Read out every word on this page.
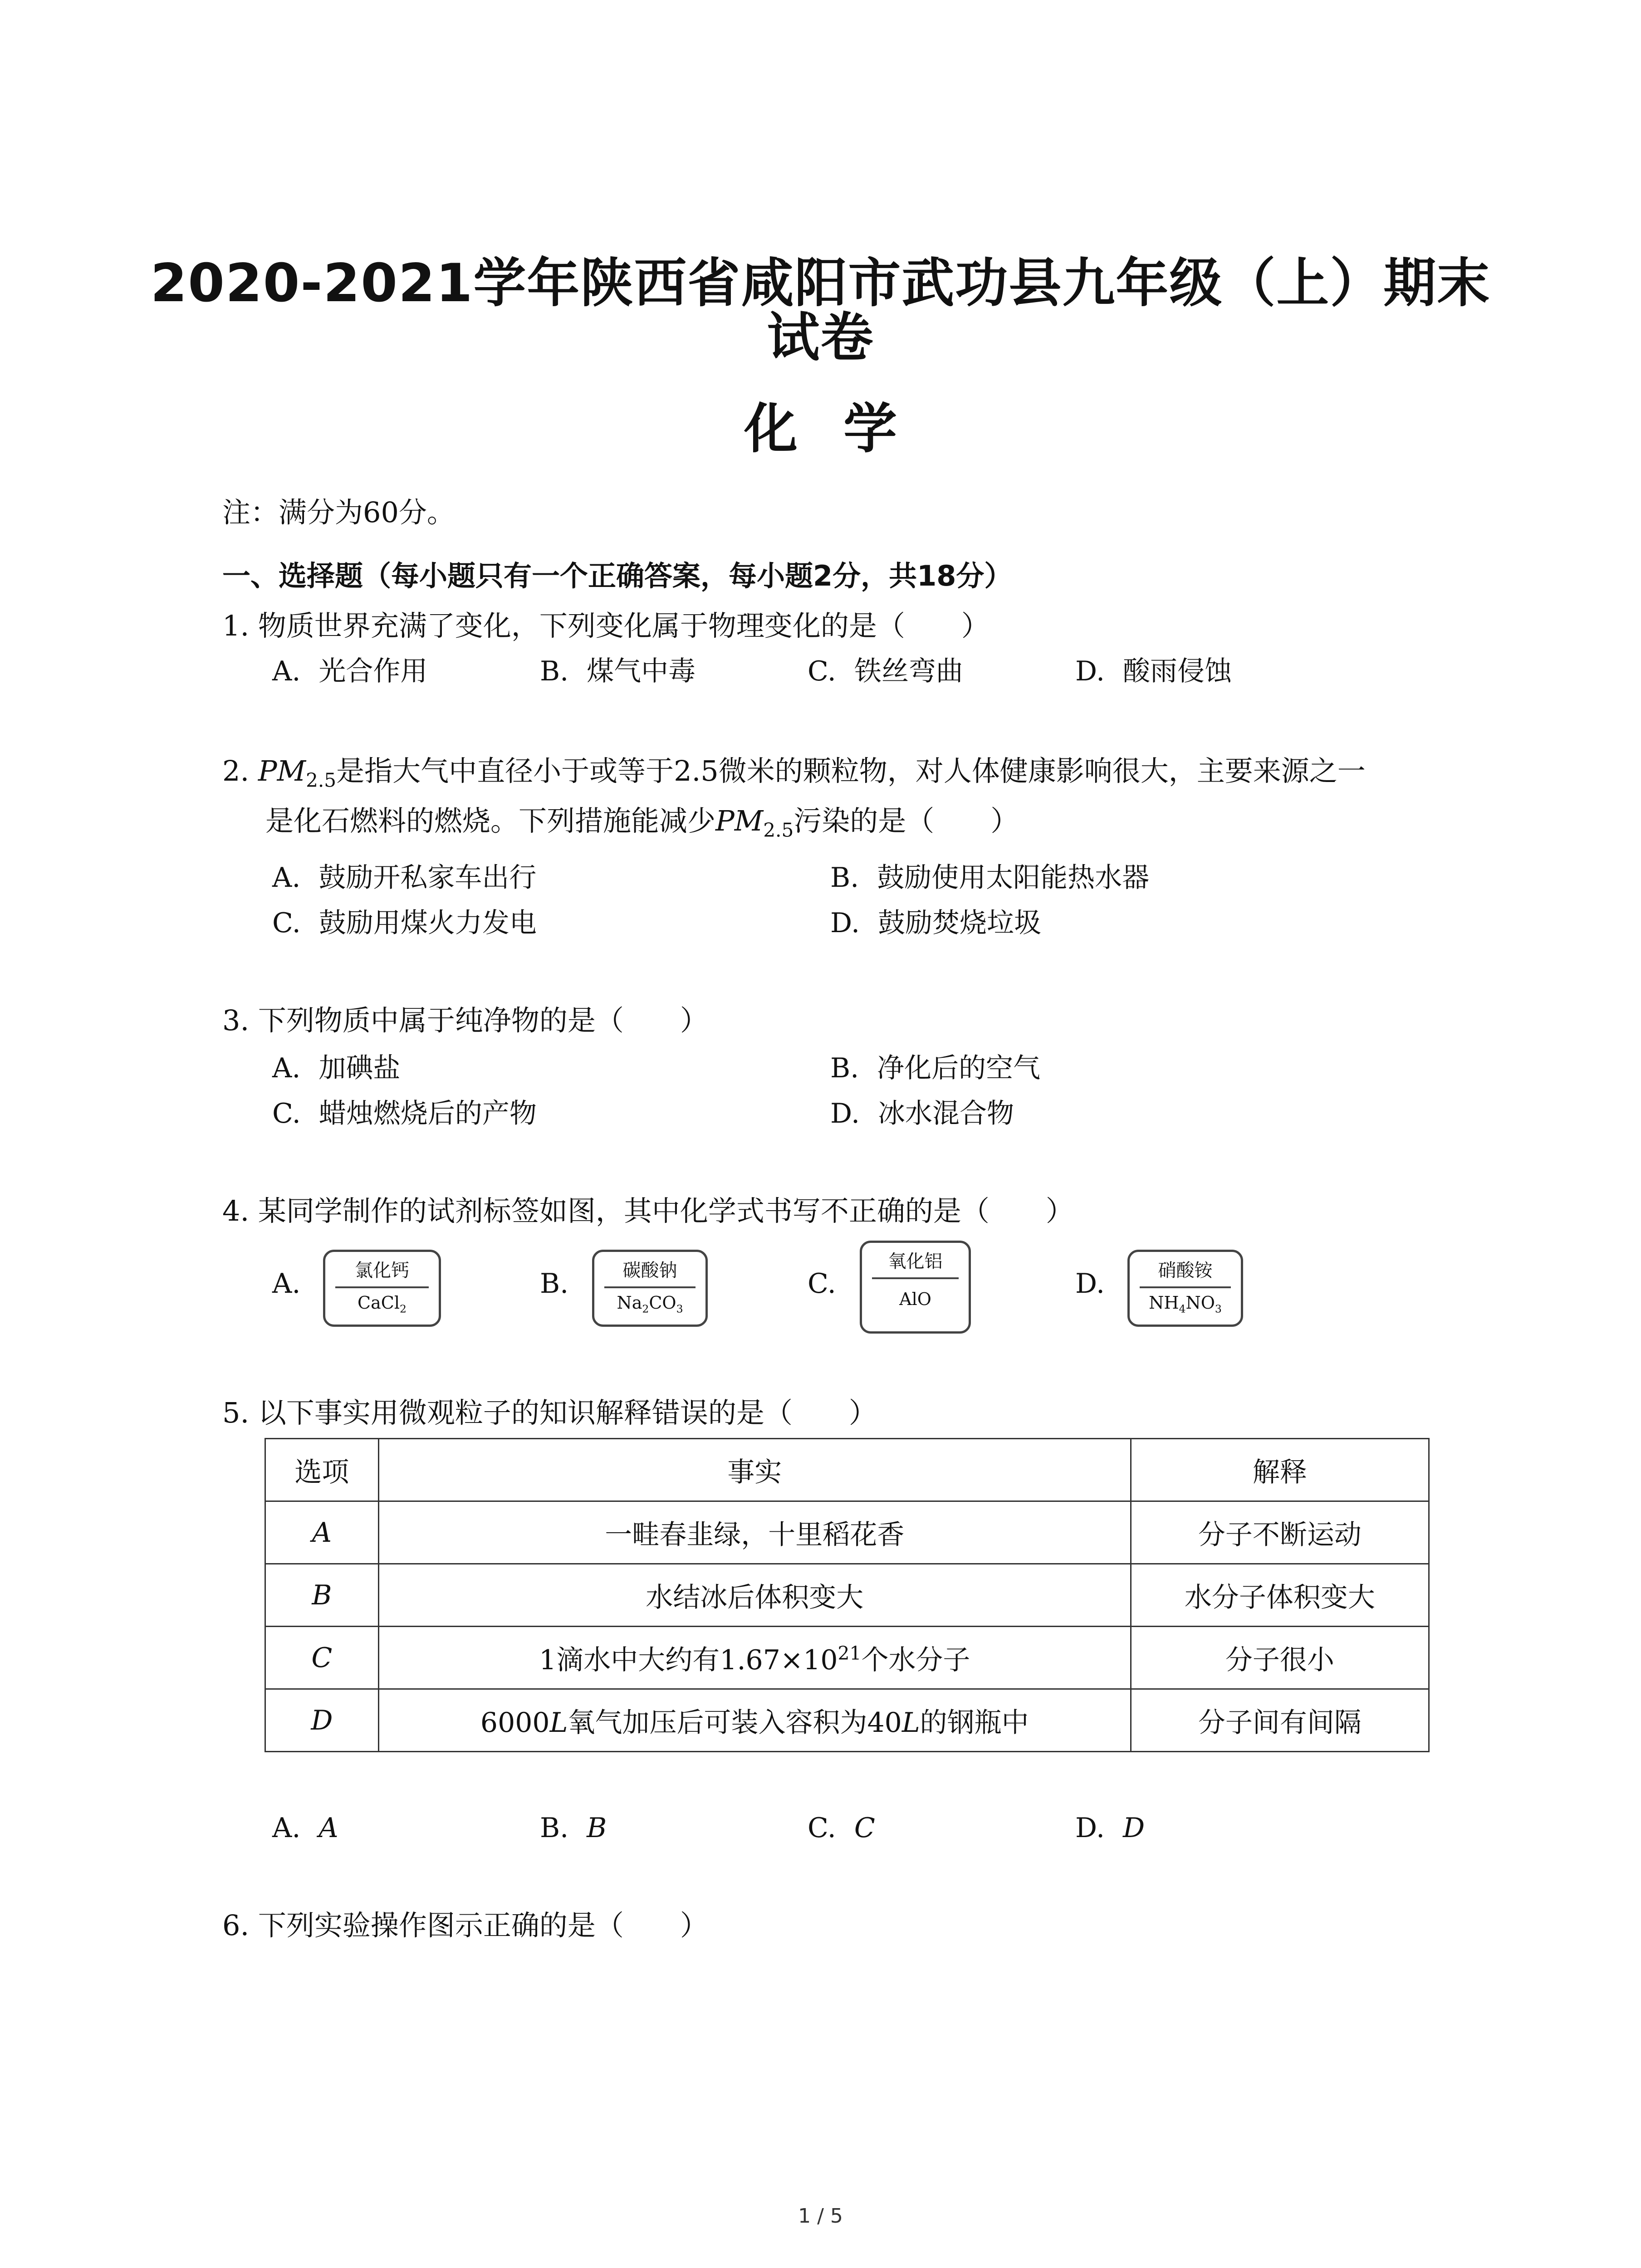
2020-2021学年陕西省咸阳市武功县九年级（上）期末
试卷
化 学
注：满分为60分。
一、选择题（每小题只有一个正确答案，每小题2分，共18分）
1. 物质世界充满了变化，下列变化属于物理变化的是（　　）
A. 光合作用	B. 煤气中毒	C. 铁丝弯曲	D. 酸雨侵蚀
2. $PM_{2.5}$是指大气中直径小于或等于2.5微米的颗粒物，对人体健康影响很大，主要来源之一
是化石燃料的燃烧。下列措施能减少$PM_{2.5}$污染的是（　　）
A. 鼓励开私家车出行	B. 鼓励使用太阳能热水器
C. 鼓励用煤火力发电	D. 鼓励焚烧垃圾
3. 下列物质中属于纯净物的是（　　）
A. 加碘盐	B. 净化后的空气
C. 蜡烛燃烧后的产物	D. 冰水混合物
4. 某同学制作的试剂标签如图，其中化学式书写不正确的是（　　）
A.	氯化钙
CaCl$_2$
B.	碳酸钠
$Na_2CO_3$
C.
氧化铝
AlO	D.	硝酸铵
$NH_4NO_3$
5. 以下事实用微观粒子的知识解释错误的是（　　）
选项	事实	解释
A	一畦春韭绿，十里稻花香	分子不断运动
B	水结冰后体积变大	水分子体积变大
C	1滴水中大约有$1.67\times 10^{21}$个水分子	分子很小
D	6000L氧气加压后可装入容积为40L的钢瓶中	分子间有间隔
A. A	B. B	C. C	D. D
6. 下列实验操作图示正确的是（　　）
1 / 5
